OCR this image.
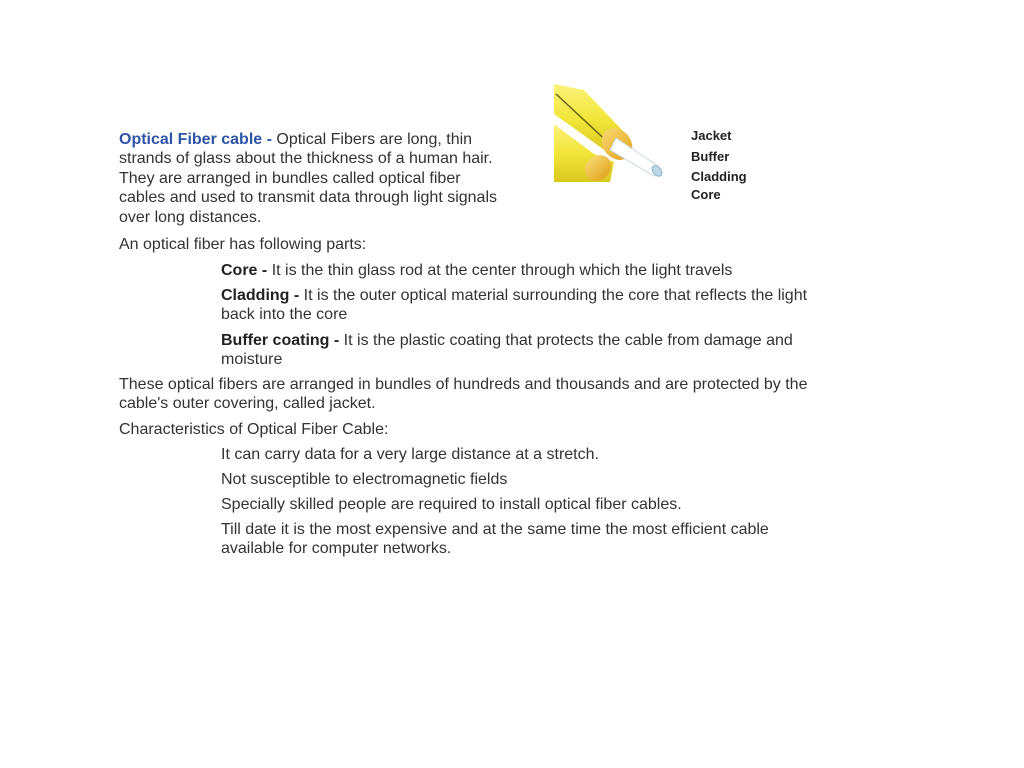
Optical Fiber cable - Optical Fibers are long, thin strands of glass about the thickness of a human hair. They are arranged in bundles called optical fiber cables and used to transmit data through light signals over long distances.
Jacket
Buffer
Cladding
Core
An optical fiber has following parts:
Core - It is the thin glass rod at the center through which the light travels
Cladding - It is the outer optical material surrounding the core that reflects the light back into the core
Buffer coating - It is the plastic coating that protects the cable from damage and moisture
These optical fibers are arranged in bundles of hundreds and thousands and are protected by the cable's outer covering, called jacket.
Characteristics of Optical Fiber Cable:
It can carry data for a very large distance at a stretch.
Not susceptible to electromagnetic fields
Specially skilled people are required to install optical fiber cables.
Till date it is the most expensive and at the same time the most efficient cable available for computer networks.
